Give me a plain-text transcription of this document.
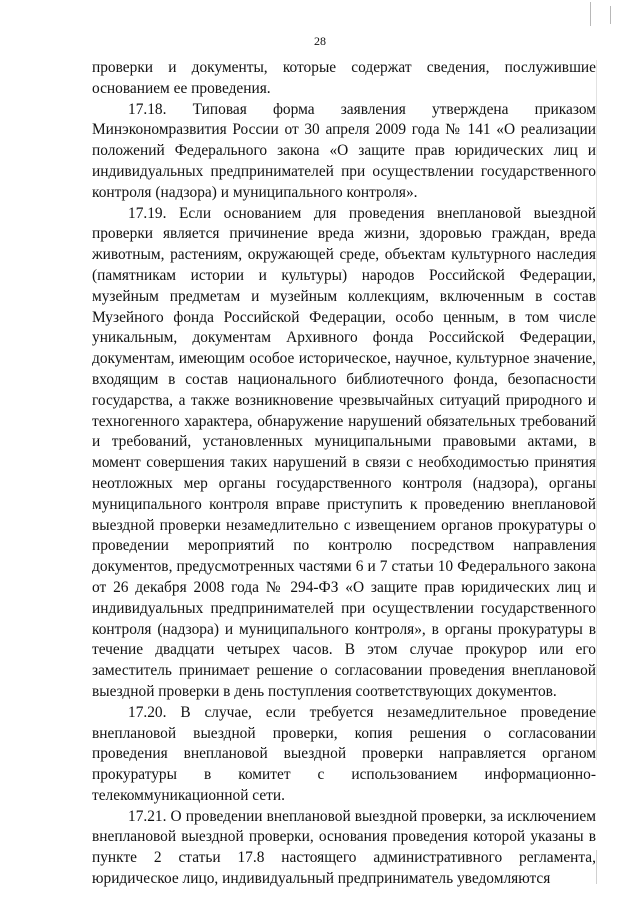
28

проверки и документы, которые содержат сведения, послужившие основанием ее проведения.

17.18. Типовая форма заявления утверждена приказом Минэкономразвития России от 30 апреля 2009 года № 141 «О реализации положений Федерального закона «О защите прав юридических лиц и индивидуальных предпринимателей при осуществлении государственного контроля (надзора) и муниципального контроля».

17.19. Если основанием для проведения внеплановой выездной проверки является причинение вреда жизни, здоровью граждан, вреда животным, растениям, окружающей среде, объектам культурного наследия (памятникам истории и культуры) народов Российской Федерации, музейным предметам и музейным коллекциям, включенным в состав Музейного фонда Российской Федерации, особо ценным, в том числе уникальным, документам Архивного фонда Российской Федерации, документам, имеющим особое историческое, научное, культурное значение, входящим в состав национального библиотечного фонда, безопасности государства, а также возникновение чрезвычайных ситуаций природного и техногенного характера, обнаружение нарушений обязательных требований и требований, установленных муниципальными правовыми актами, в момент совершения таких нарушений в связи с необходимостью принятия неотложных мер органы государственного контроля (надзора), органы муниципального контроля вправе приступить к проведению внеплановой выездной проверки незамедлительно с извещением органов прокуратуры о проведении мероприятий по контролю посредством направления документов, предусмотренных частями 6 и 7 статьи 10 Федерального закона от 26 декабря 2008 года № 294-ФЗ «О защите прав юридических лиц и индивидуальных предпринимателей при осуществлении государственного контроля (надзора) и муниципального контроля», в органы прокуратуры в течение двадцати четырех часов. В этом случае прокурор или его заместитель принимает решение о согласовании проведения внеплановой выездной проверки в день поступления соответствующих документов.

17.20. В случае, если требуется незамедлительное проведение внеплановой выездной проверки, копия решения о согласовании проведения внеплановой выездной проверки направляется органом прокуратуры в комитет с использованием информационно-телекоммуникационной сети.

17.21. О проведении внеплановой выездной проверки, за исключением внеплановой выездной проверки, основания проведения которой указаны в пункте 2 статьи 17.8 настоящего административного регламента, юридическое лицо, индивидуальный предприниматель уведомляются
